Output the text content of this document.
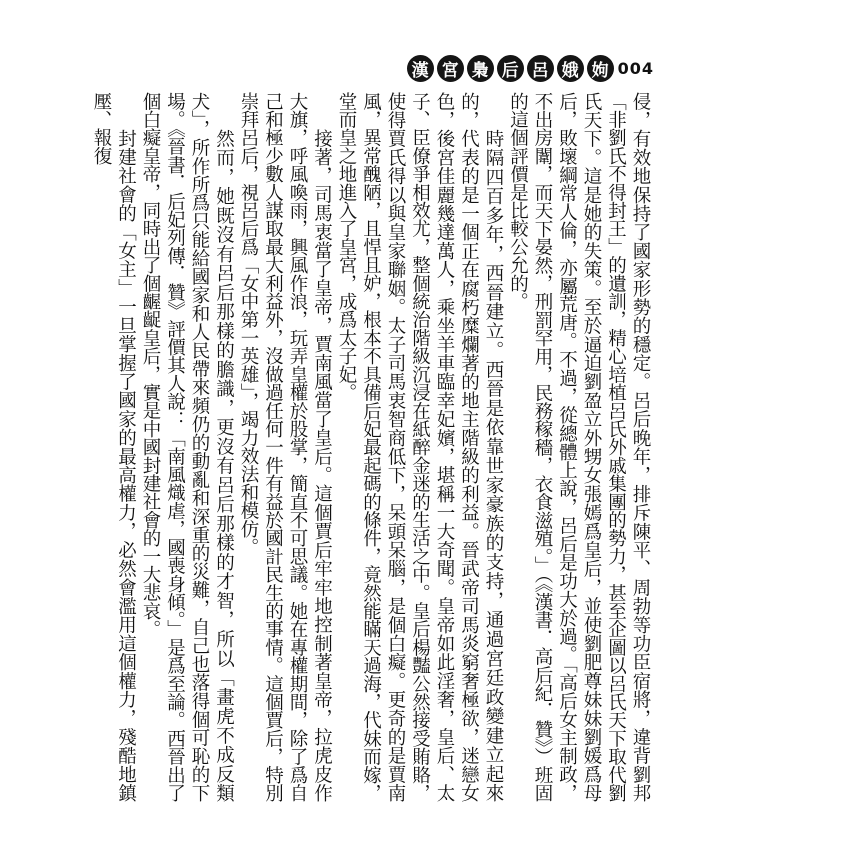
漢 宮 梟 后 呂 娥 姁 004

侵，有效地保持了國家形勢的穩定。呂后晚年，排斥陳平、周勃等功臣宿將，違背劉邦「非劉氏不得封王」的遺訓，精心培植呂氏外戚集團的勢力，甚至企圖以呂氏天下取代劉氏天下。這是她的失策。至於逼迫劉盈立外甥女張嫣爲皇后，並使劉肥尊妹妹劉媛爲母后，敗壞綱常人倫，亦屬荒唐。不過，從總體上說，呂后是功大於過。「高后女主制政，不出房闈，而天下晏然，刑罰罕用，民務稼穡，衣食滋殖。」（《漢書．高后紀．贊》）班固的這個評價是比較公允的。

時隔四百多年，西晉建立。西晉是依靠世家豪族的支持，通過宮廷政變建立起來的，代表的是一個正在腐朽糜爛著的地主階級的利益。晉武帝司馬炎窮奢極欲，迷戀女色，後宮佳麗幾達萬人，乘坐羊車臨幸妃嬪，堪稱一大奇聞。皇帝如此淫奢，皇后、太子、臣僚爭相效尤，整個統治階級沉浸在紙醉金迷的生活之中。皇后楊豔公然接受賄賂，使得賈氏得以與皇家聯姻。太子司馬衷智商低下，呆頭呆腦，是個白癡。更奇的是賈南風，異常醜陋，且悍且妒，根本不具備后妃最起碼的條件，竟然能瞞天過海，代妹而嫁，堂而皇之地進入了皇宮，成爲太子妃。

接著，司馬衷當了皇帝，賈南風當了皇后。這個賈后牢牢地控制著皇帝，拉虎皮作大旗，呼風喚雨，興風作浪，玩弄皇權於股掌，簡直不可思議。她在專權期間，除了爲自己和極少數人謀取最大利益外，沒做過任何一件有益於國計民生的事情。這個賈后，特別崇拜呂后，視呂后爲「女中第一英雄」，竭力效法和模仿。

然而，她既沒有呂后那樣的膽識，更沒有呂后那樣的才智，所以「畫虎不成反類犬」，所作所爲只能給國家和人民帶來頻仍的動亂和深重的災難，自己也落得個可恥的下場。《晉書．后妃列傳．贊》評價其人說：「南風熾虐，國喪身傾。」是爲至論。西晉出了個白癡皇帝，同時出了個齷齪皇后，實是中國封建社會的一大悲哀。

封建社會的「女主」一旦掌握了國家的最高權力，必然會濫用這個權力，殘酷地鎮壓、報復
